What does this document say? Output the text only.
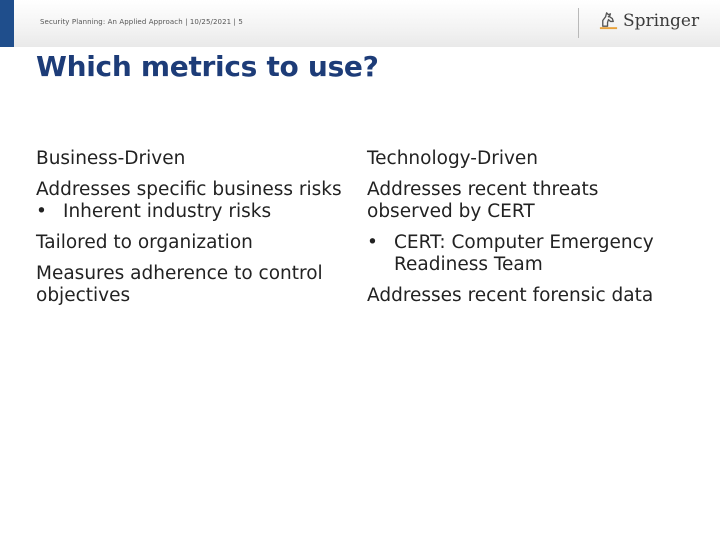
Security Planning: An Applied Approach | 10/25/2021 | 5	Springer
Which metrics to use?
Business-Driven
Addresses specific business risks
• Inherent industry risks
Tailored to organization
Measures adherence to control
objectives
Technology-Driven
Addresses recent threats
observed by CERT
• CERT: Computer Emergency
Readiness Team
Addresses recent forensic data
